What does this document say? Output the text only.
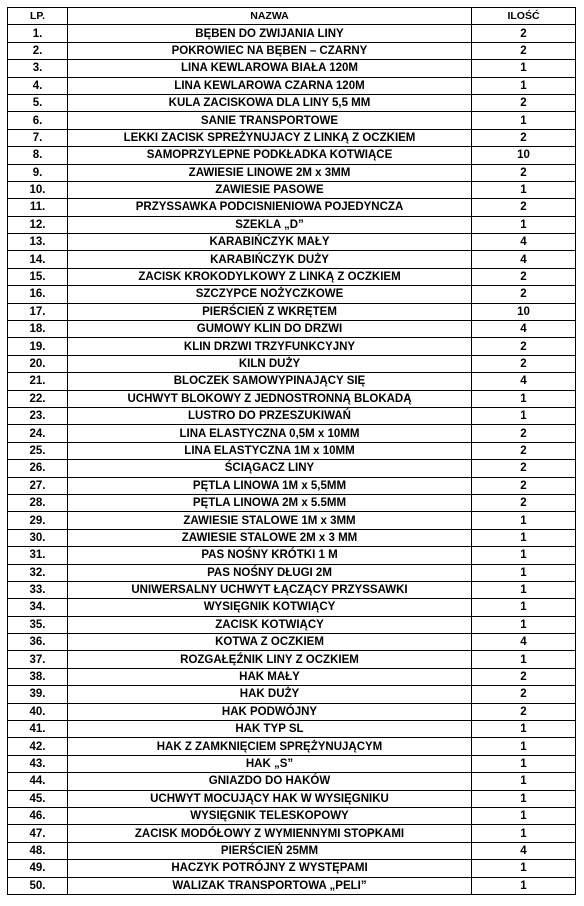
LP.	NAZWA	ILOŚĆ
1.	BĘBEN DO ZWIJANIA LINY	2
2.	POKROWIEC NA BĘBEN – CZARNY	2
3.	LINA KEWLAROWA BIAŁA 120M	1
4.	LINA KEWLAROWA CZARNA 120M	1
5.	KULA ZACISKOWA DLA LINY 5,5 MM	2
6.	SANIE TRANSPORTOWE	1
7.	LEKKI ZACISK SPREŻYNUJACY Z LINKĄ Z OCZKIEM	2
8.	SAMOPRZYLEPNE PODKŁADKA KOTWIĄCE	10
9.	ZAWIESIE LINOWE 2M x 3MM	2
10.	ZAWIESIE PASOWE	1
11.	PRZYSSAWKA PODCISNIENIOWA POJEDYNCZA	2
12.	SZEKLA „D”	1
13.	KARABIŃCZYK MAŁY	4
14.	KARABIŃCZYK DUŻY	4
15.	ZACISK KROKODYLKOWY Z LINKĄ Z OCZKIEM	2
16.	SZCZYPCE NOŻYCZKOWE	2
17.	PIERŚCIEŃ Z WKRĘTEM	10
18.	GUMOWY KLIN DO DRZWI	4
19.	KLIN DRZWI TRZYFUNKCYJNY	2
20.	KILN DUŻY	2
21.	BLOCZEK SAMOWYPINAJĄCY SIĘ	4
22.	UCHWYT BLOKOWY Z JEDNOSTRONNĄ BLOKADĄ	1
23.	LUSTRO DO PRZESZUKIWAŃ	1
24.	LINA ELASTYCZNA 0,5M x 10MM	2
25.	LINA ELASTYCZNA 1M x 10MM	2
26.	ŚCIĄGACZ LINY	2
27.	PĘTLA LINOWA 1M x 5,5MM	2
28.	PĘTLA LINOWA 2M x 5.5MM	2
29.	ZAWIESIE STALOWE 1M x 3MM	1
30.	ZAWIESIE STALOWE 2M x 3 MM	1
31.	PAS NOŚNY KRÓTKI 1 M	1
32.	PAS NOŚNY DŁUGI 2M	1
33.	UNIWERSALNY UCHWYT ŁĄCZĄCY PRZYSSAWKI	1
34.	WYSIĘGNIK KOTWIĄCY	1
35.	ZACISK KOTWIĄCY	1
36.	KOTWA Z OCZKIEM	4
37.	ROZGAŁĘŹNIK LINY Z OCZKIEM	1
38.	HAK MAŁY	2
39.	HAK DUŻY	2
40.	HAK PODWÓJNY	2
41.	HAK TYP SL	1
42.	HAK Z ZAMKNIĘCIEM SPRĘŻYNUJĄCYM	1
43.	HAK „S”	1
44.	GNIAZDO DO HAKÓW	1
45.	UCHWYT MOCUJĄCY HAK W WYSIĘGNIKU	1
46.	WYSIĘGNIK TELESKOPOWY	1
47.	ZACISK MODÓŁOWY Z WYMIENNYMI STOPKAMI	1
48.	PIERŚCIEŃ 25MM	4
49.	HACZYK POTRÓJNY Z WYSTĘPAMI	1
50.	WALIZAK TRANSPORTOWA „PELI”	1
